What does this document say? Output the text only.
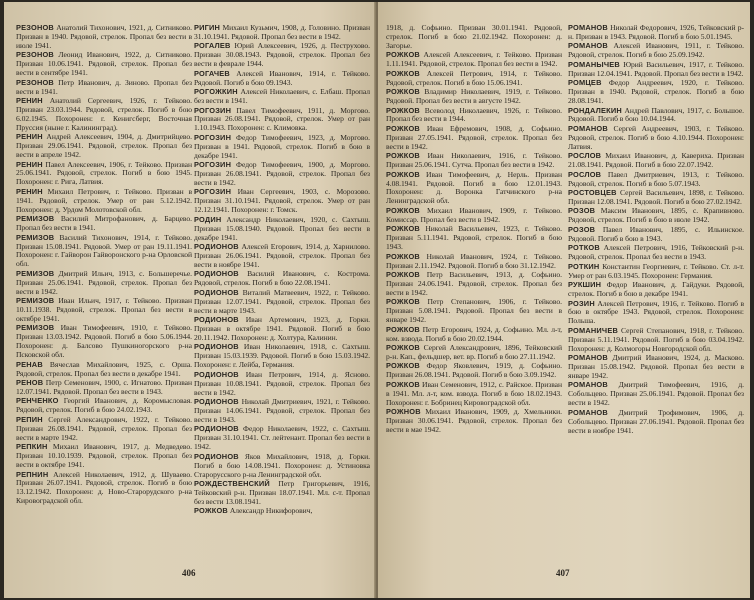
РЕЗОНОВ Анатолий Тихонович, 1921, д. Ситниково. Призван в 1940. Рядовой, стрелок. Пропал без вести в июле 1941.
РЕЗОНОВ Леонид Иванович, 1922, д. Ситниково. Призван 10.06.1941. Рядовой, стрелок. Пропал без вести в сентябре 1941.
РЕЗОНОВ Петр Иванович, д. Зиново. Пропал без вести в 1941.
РЕНИН Анатолий Сергеевич, 1926, г. Тейково. Призван 23.03.1944. Рядовой, стрелок. Погиб в бою 6.02.1945. Похоронен: г. Кенигсберг, Восточная Пруссия (ныне г. Калининград).
РЕНИН Андрей Алексеевич, 1904, д. Дмитрийцево. Призван 29.06.1941. Рядовой, стрелок. Пропал без вести в апреле 1942.
РЕНИН Павел Алексеевич, 1906, г. Тейково. Призван 25.06.1941. Рядовой, стрелок. Погиб в бою 1945. Похоронен: г. Рига, Латвия.
РЕНИН Михаил Петрович, г. Тейково. Призван в 1941. Рядовой, стрелок. Умер от ран 5.12.1942. Похоронен: д. Урдом Молотовской обл.
РЕМИЗОВ Василий Митрофанович, д. Барцево. Пропал без вести в 1941.
РЕМИЗОВ Василий Тихонович, 1914, г. Тейково. Призван 15.08.1941. Рядовой. Умер от ран 19.11.1941. Похоронен: г. Гайворон Гайворонского р-на Орловской обл.
РЕМИЗОВ Дмитрий Ильич, 1913, с. Большеречье. Призван 25.06.1941. Рядовой, стрелок. Пропал без вести в 1942.
РЕМИЗОВ Иван Ильич, 1917, г. Тейково. Призван 10.11.1938. Рядовой, стрелок. Пропал без вести в октябре 1941.
РЕМИЗОВ Иван Тимофеевич, 1910, г. Тейково. Призван 13.03.1942. Рядовой. Погиб в бою 5.06.1944. Похоронен: д. Балсово Пушкиногорского р-на Псковской обл.
РЕНАВ Вячеслав Михайлович, 1925, с. Орша. Рядовой, стрелок. Пропал без вести в декабре 1941.
РЕНОВ Петр Семенович, 1900, с. Игнатово. Призван 12.07.1941. Рядовой. Пропал без вести в 1943.
РЕНЧЕНКО Георгий Иванович, д. Коромысловая. Рядовой, стрелок. Погиб в бою 24.02.1943.
РЕПИН Сергей Александрович, 1922, г. Тейково. Призван 26.08.1941. Рядовой, стрелок. Пропал без вести в марте 1942.
РЕПКИН Михаил Иванович, 1917, д. Медведево. Призван 10.10.1939. Рядовой, стрелок. Пропал без вести в октябре 1941.
РЕПНИН Алексей Николаевич, 1912, д. Шуваево. Призван 26.07.1941. Рядовой, стрелок. Погиб в бою 13.12.1942. Похоронен: д. Ново-Старорудского р-на Кировоградской обл.
РИГИН Михаил Кузьмич, 1908, д. Головино. Призван 31.10.1941. Рядовой. Пропал без вести в 1942.
РОГАЛЕВ Юрий Алексеевич, 1926, д. Пеструхово. Призван 30.08.1943. Рядовой, стрелок. Пропал без вести в феврале 1944.
РОГАЧЕВ Алексей Иванович, 1914, г. Тейково. Рядовой. Погиб в бою 09.1943.
РОГОЖКИН Алексей Николаевич, с. Елбаш. Пропал без вести в 1941.
РОГОЗИН Павел Тимофеевич, 1911, д. Моргово. Призван 26.08.1941. Рядовой, стрелок. Умер от ран 1.10.1943. Похоронен: с. Климовка.
РОГОЗИН Федор Тимофеевич, 1923, д. Моргово. Призван в 1941. Рядовой, стрелок. Погиб в бою в декабре 1941.
РОГОЗИН Федор Тимофеевич, 1900, д. Моргово. Призван 26.08.1941. Рядовой, стрелок. Пропал без вести в 1942.
РОГОЗИН Иван Сергеевич, 1903, с. Морозово. Призван 31.10.1941. Рядовой, стрелок. Умер от ран 12.12.1941. Похоронен: г. Томск.
РОДИН Александр Николаевич, 1920, с. Сахтыш. Призван 15.08.1940. Рядовой. Пропал без вести в декабре 1941.
РОДИОНОВ Алексей Егорович, 1914, д. Харнилово. Призван 26.06.1941. Рядовой, стрелок. Пропал без вести в ноябре 1941.
РОДИОНОВ Василий Иванович, с. Кострома. Рядовой, стрелок. Погиб в бою 22.08.1941.
РОДИОНОВ Виталий Матвеевич, 1922, г. Тейково. Призван 12.07.1941. Рядовой, стрелок. Пропал без вести в марте 1943.
РОДИОНОВ Иван Артемович, 1923, д. Горки. Призван в октябре 1941. Рядовой. Погиб в бою 20.11.1942. Похоронен: д. Холтура, Калинин.
РОДИОНОВ Иван Николаевич, 1918, с. Сахтыш. Призван 15.03.1939. Рядовой. Погиб в бою 15.03.1942. Похоронен: г. Лейба, Германия.
РОДИОНОВ Иван Петрович, 1914, д. Ясново. Призван 10.08.1941. Рядовой, стрелок. Пропал без вести в 1942.
РОДИОНОВ Николай Дмитриевич, 1921, г. Тейково. Призван 14.06.1941. Рядовой, стрелок. Пропал без вести в 1943.
РОДИОНОВ Федор Николаевич, 1922, с. Сахтыш. Призван 31.10.1941. Ст. лейтенант. Пропал без вести в 1942.
РОДИОНОВ Яков Михайлович, 1918, д. Горки. Погиб в бою 14.08.1941. Похоронен: д. Устиновка Старорусского р-на Ленинградской обл.
РОЖДЕСТВЕНСКИЙ Петр Григорьевич, 1916, Тейковский р-н. Призван 18.07.1941. Мл. с-т. Пропал без вести 13.08.1941.
РОЖКОВ Александр Никифорович,
406
1918, д. Софьино. Призван 30.01.1941. Рядовой, стрелок. Погиб в бою 21.02.1942. Похоронен: д. Загорье.
РОЖКОВ Алексей Алексеевич, г. Тейково. Призван 1.11.1941. Рядовой, стрелок. Пропал без вести в 1942.
РОЖКОВ Алексей Петрович, 1914, г. Тейково. Рядовой, стрелок. Погиб в бою 15.06.1941.
РОЖКОВ Владимир Николаевич, 1919, г. Тейково. Рядовой. Пропал без вести в августе 1942.
РОЖКОВ Всеволод Николаевич, 1926, г. Тейково. Пропал без вести в 1944.
РОЖКОВ Иван Ефремович, 1908, д. Софьино. Призван 27.05.1941. Рядовой, стрелок. Пропал без вести в 1942.
РОЖКОВ Иван Николаевич, 1916, г. Тейково. Призван 25.06.1941. Сутча. Пропал без вести в 1942.
РОЖКОВ Иван Тимофеевич, д. Нерль. Призван 4.08.1941. Рядовой. Погиб в бою 12.01.1943. Похоронен: д. Воронка Гатчинского р-на Ленинградской обл.
РОЖКОВ Михаил Иванович, 1909, г. Тейково. Комиссар. Пропал без вести в 1942.
РОЖКОВ Николай Васильевич, 1923, г. Тейково. Призван 5.11.1941. Рядовой, стрелок. Погиб в бою 1943.
РОЖКОВ Николай Иванович, 1924, г. Тейково. Призван 2.11.1942. Рядовой. Погиб в бою 31.12.1942.
РОЖКОВ Петр Васильевич, 1913, д. Софьино. Призван 24.06.1941. Рядовой, стрелок. Пропал без вести в 1942.
РОЖКОВ Петр Степанович, 1906, г. Тейково. Призван 5.08.1941. Рядовой. Пропал без вести в январе 1942.
РОЖКОВ Петр Егорович, 1924, д. Софьино. Мл. л-т, ком. взвода. Погиб в бою 20.02.1944.
РОЖКОВ Сергей Александрович, 1896, Тейковский р-н. Кап., фельдшер, вет. вр. Погиб в бою 27.11.1942.
РОЖКОВ Федор Яковлевич, 1919, д. Софьино. Призван 26.08.1941. Рядовой. Погиб в бою 3.09.1942.
РОЖКОВ Иван Семенович, 1912, с. Райское. Призван в 1941. Мл. л-т, ком. взвода. Погиб в бою 18.02.1943. Похоронен: г. Бобринец Кировоградской обл.
РОЖНОВ Михаил Иванович, 1909, д. Хмельники. Призван 30.06.1941. Рядовой, стрелок. Пропал без вести в мае 1942.
РОМАНОВ Николай Федорович, 1926, Тейковский р-н. Призван в 1943. Рядовой. Погиб в бою 5.01.1945.
РОМАНОВ Алексей Иванович, 1911, г. Тейково. Рядовой, стрелок. Погиб в бою 25.09.1942.
РОМАНЫЧЕВ Юрий Васильевич, 1917, г. Тейково. Призван 12.04.1941. Рядовой. Пропал без вести в 1942.
РОМЦЕВ Федор Андреевич, 1920, г. Тейково. Призван в 1940. Рядовой, стрелок. Погиб в бою 28.08.1941.
РОНДАЛЕКИН Андрей Павлович, 1917, с. Большое. Рядовой. Погиб в бою 10.04.1944.
РОМАНОВ Сергей Андреевич, 1903, г. Тейково. Рядовой, стрелок. Погиб в бою 4.10.1944. Похоронен: Латвия.
РОСЛОВ Михаил Иванович, д. Кавериха. Призван 21.08.1941. Рядовой. Погиб в бою 22.07.1942.
РОСЛОВ Павел Дмитриевич, 1913, г. Тейково. Рядовой, стрелок. Погиб в бою 5.07.1943.
РОСТОВЦЕВ Сергей Васильевич, 1898, г. Тейково. Призван 12.08.1941. Рядовой. Погиб в бою 27.02.1942.
РОЗОВ Максим Иванович, 1895, с. Крапивново. Рядовой, стрелок. Погиб в бою в июле 1942.
РОЗОВ Павел Иванович, 1895, с. Ильинское. Рядовой. Погиб в бою в 1943.
РОТКОВ Алексей Петрович, 1916, Тейковский р-н. Рядовой, стрелок. Пропал без вести в 1943.
РОТКИН Константин Георгиевич, г. Тейково. Ст. л-т. Умер от ран 6.03.1945. Похоронен: Германия.
РУКШИН Федор Иванович, д. Гайдуки. Рядовой, стрелок. Погиб в бою в декабре 1941.
РОЗИН Алексей Петрович, 1916, г. Тейково. Погиб в бою в октябре 1943. Рядовой, стрелок. Похоронен: Польша.
РОМАНИЧЕВ Сергей Степанович, 1918, г. Тейково. Призван 5.11.1941. Рядовой. Погиб в бою 03.04.1942. Похоронен: д. Колмогоры Новгородской обл.
РОМАНОВ Дмитрий Иванович, 1924, д. Масково. Призван 15.08.1942. Рядовой. Пропал без вести в январе 1942.
РОМАНОВ Дмитрий Тимофеевич, 1916, д. Собольцево. Призван 25.06.1941. Рядовой. Пропал без вести в 1942.
РОМАНОВ Дмитрий Трофимович, 1906, д. Собольцево. Призван 27.06.1941. Рядовой. Пропал без вести в ноябре 1941.
407
